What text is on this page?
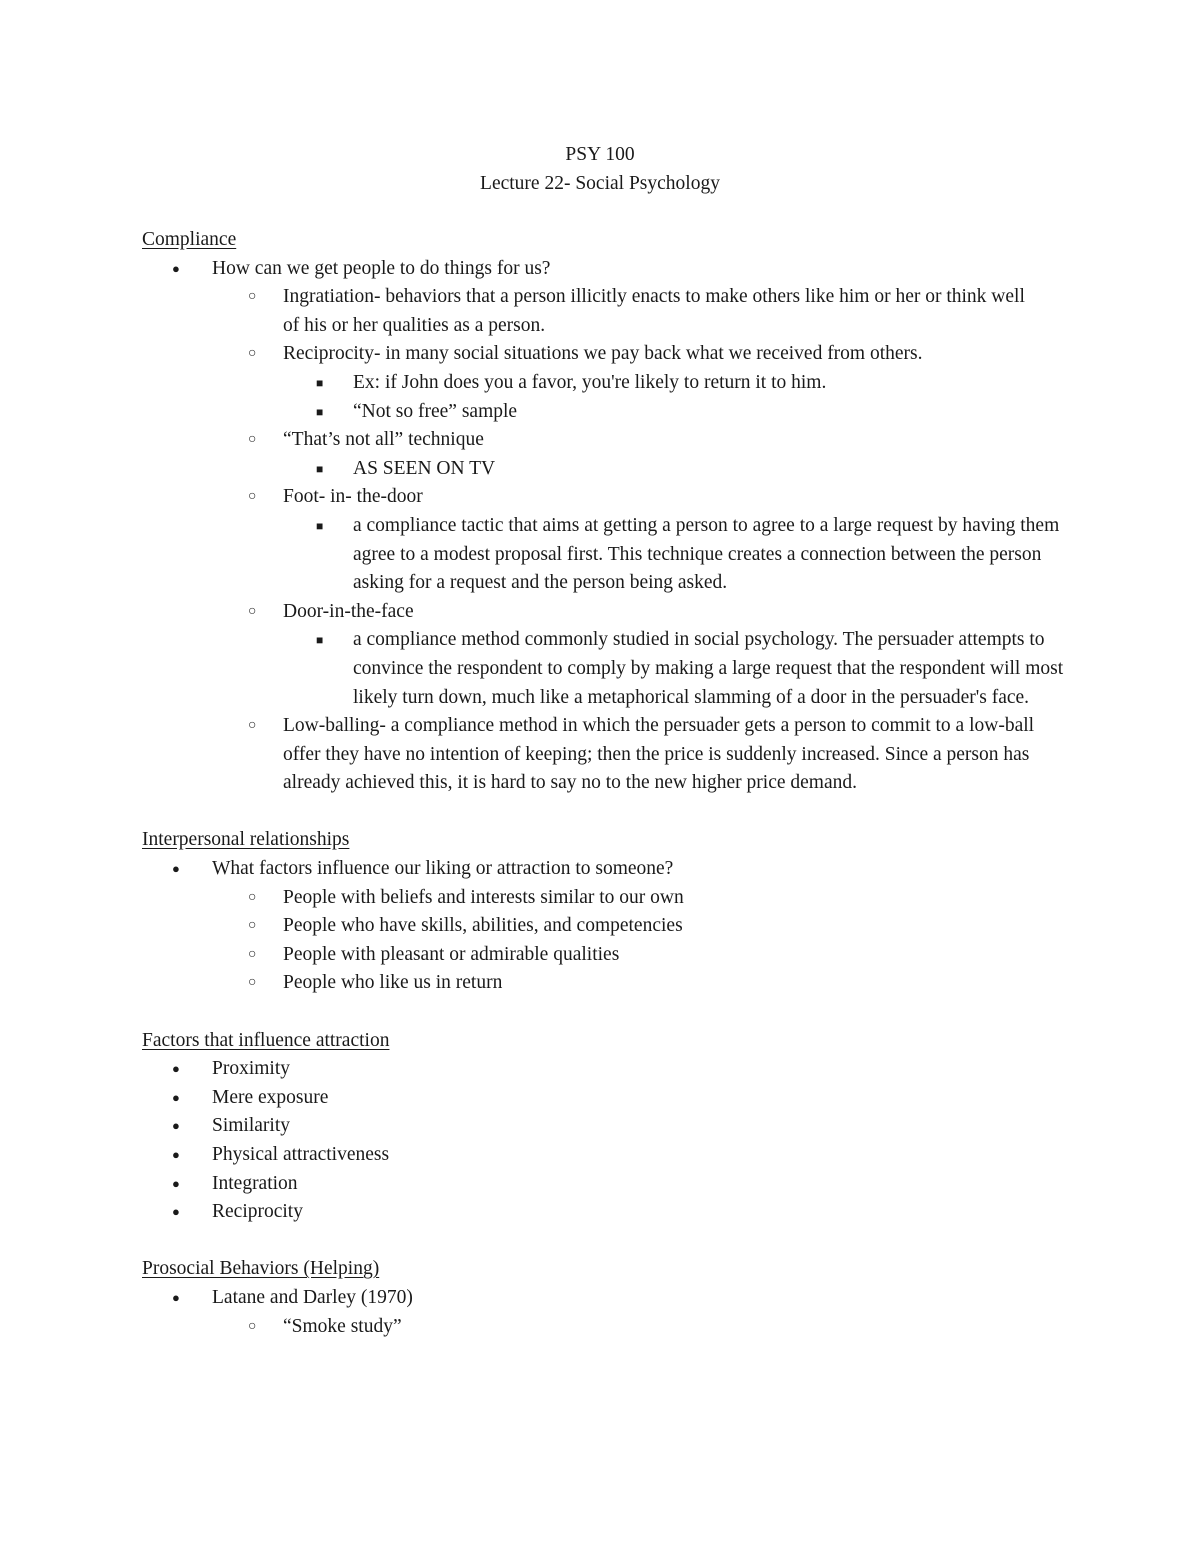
PSY 100
Lecture 22- Social Psychology
Compliance
● How can we get people to do things for us?
○ Ingratiation- behaviors that a person illicitly enacts to make others like him or her or think well of his or her qualities as a person.
○ Reciprocity- in many social situations we pay back what we received from others.
■ Ex: if John does you a favor, you're likely to return it to him.
■ “Not so free” sample
○ “That’s not all” technique
■ AS SEEN ON TV
○ Foot- in- the-door
■ a compliance tactic that aims at getting a person to agree to a large request by having them agree to a modest proposal first. This technique creates a connection between the person asking for a request and the person being asked.
○ Door-in-the-face
■ a compliance method commonly studied in social psychology. The persuader attempts to convince the respondent to comply by making a large request that the respondent will most likely turn down, much like a metaphorical slamming of a door in the persuader's face.
○ Low-balling- a compliance method in which the persuader gets a person to commit to a low-ball offer they have no intention of keeping; then the price is suddenly increased. Since a person has already achieved this, it is hard to say no to the new higher price demand.
Interpersonal relationships
● What factors influence our liking or attraction to someone?
○ People with beliefs and interests similar to our own
○ People who have skills, abilities, and competencies
○ People with pleasant or admirable qualities
○ People who like us in return
Factors that influence attraction
● Proximity
● Mere exposure
● Similarity
● Physical attractiveness
● Integration
● Reciprocity
Prosocial Behaviors (Helping)
● Latane and Darley (1970)
○ “Smoke study”
